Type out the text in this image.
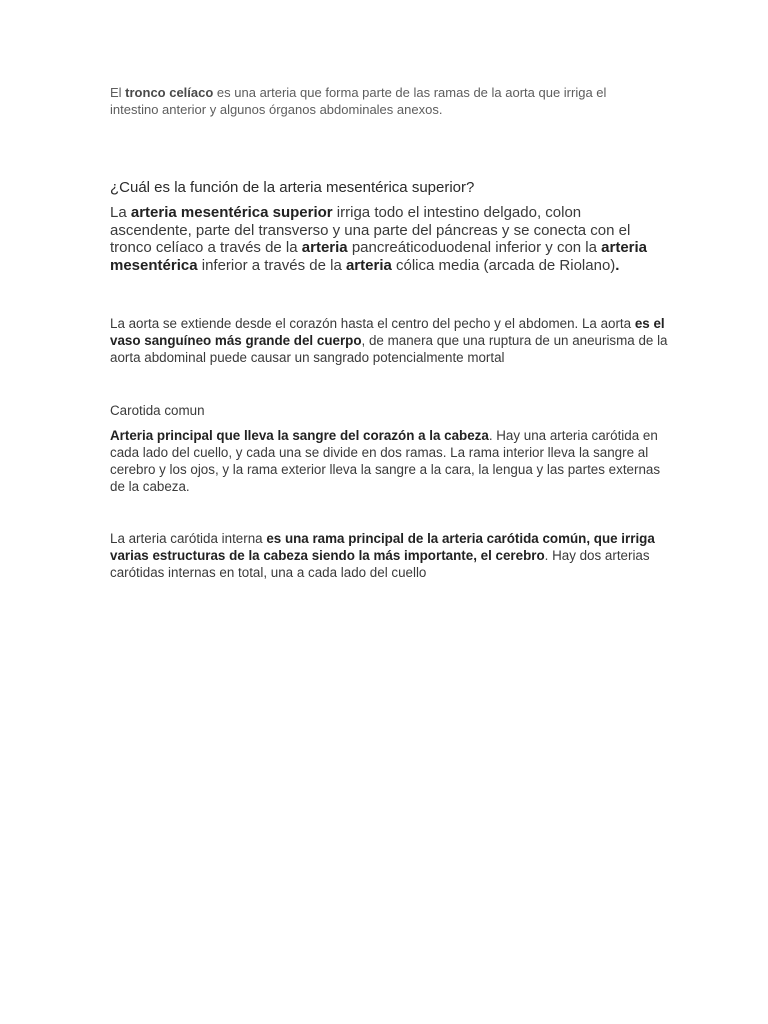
El tronco celíaco es una arteria que forma parte de las ramas de la aorta que irriga el intestino anterior y algunos órganos abdominales anexos.

¿Cuál es la función de la arteria mesentérica superior?

La arteria mesentérica superior irriga todo el intestino delgado, colon ascendente, parte del transverso y una parte del páncreas y se conecta con el tronco celíaco a través de la arteria pancreáticoduodenal inferior y con la arteria mesentérica inferior a través de la arteria cólica media (arcada de Riolano).

La aorta se extiende desde el corazón hasta el centro del pecho y el abdomen. La aorta es el vaso sanguíneo más grande del cuerpo, de manera que una ruptura de un aneurisma de la aorta abdominal puede causar un sangrado potencialmente mortal

Carotida comun

Arteria principal que lleva la sangre del corazón a la cabeza. Hay una arteria carótida en cada lado del cuello, y cada una se divide en dos ramas. La rama interior lleva la sangre al cerebro y los ojos, y la rama exterior lleva la sangre a la cara, la lengua y las partes externas de la cabeza.

La arteria carótida interna es una rama principal de la arteria carótida común, que irriga varias estructuras de la cabeza siendo la más importante, el cerebro. Hay dos arterias carótidas internas en total, una a cada lado del cuello
